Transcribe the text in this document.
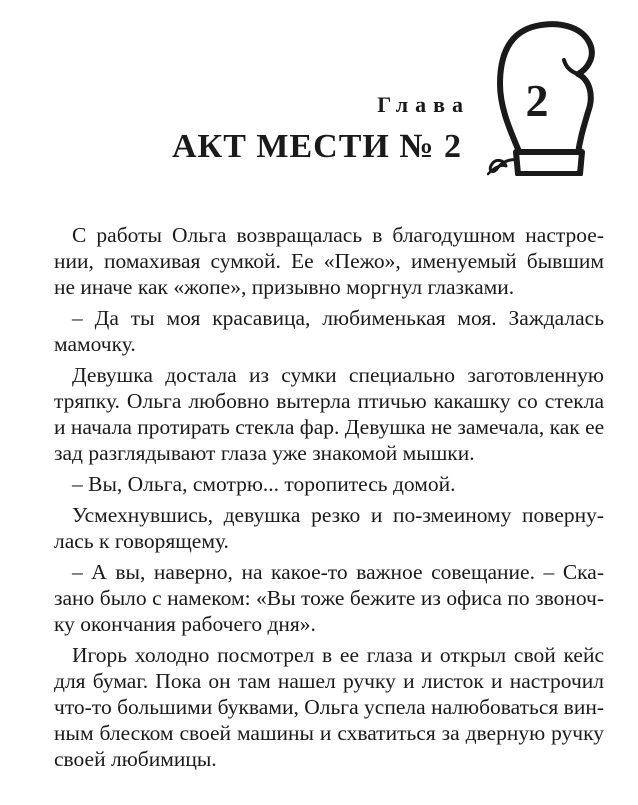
Глава
АКТ МЕСТИ № 2
2
С работы Ольга возвращалась в благодушном настрое-
нии, помахивая сумкой. Ее «Пежо», именуемый бывшим
не иначе как «жопе», призывно моргнул глазками.
– Да ты моя красавица, любименькая моя. Заждалась
мамочку.
Девушка достала из сумки специально заготовленную
тряпку. Ольга любовно вытерла птичью какашку со стекла
и начала протирать стекла фар. Девушка не замечала, как ее
зад разглядывают глаза уже знакомой мышки.
– Вы, Ольга, смотрю... торопитесь домой.
Усмехнувшись, девушка резко и по-змеиному поверну-
лась к говорящему.
– А вы, наверно, на какое-то важное совещание. – Ска-
зано было с намеком: «Вы тоже бежите из офиса по звоноч-
ку окончания рабочего дня».
Игорь холодно посмотрел в ее глаза и открыл свой кейс
для бумаг. Пока он там нашел ручку и листок и настрочил
что-то большими буквами, Ольга успела налюбоваться вин-
ным блеском своей машины и схватиться за дверную ручку
своей любимицы.
